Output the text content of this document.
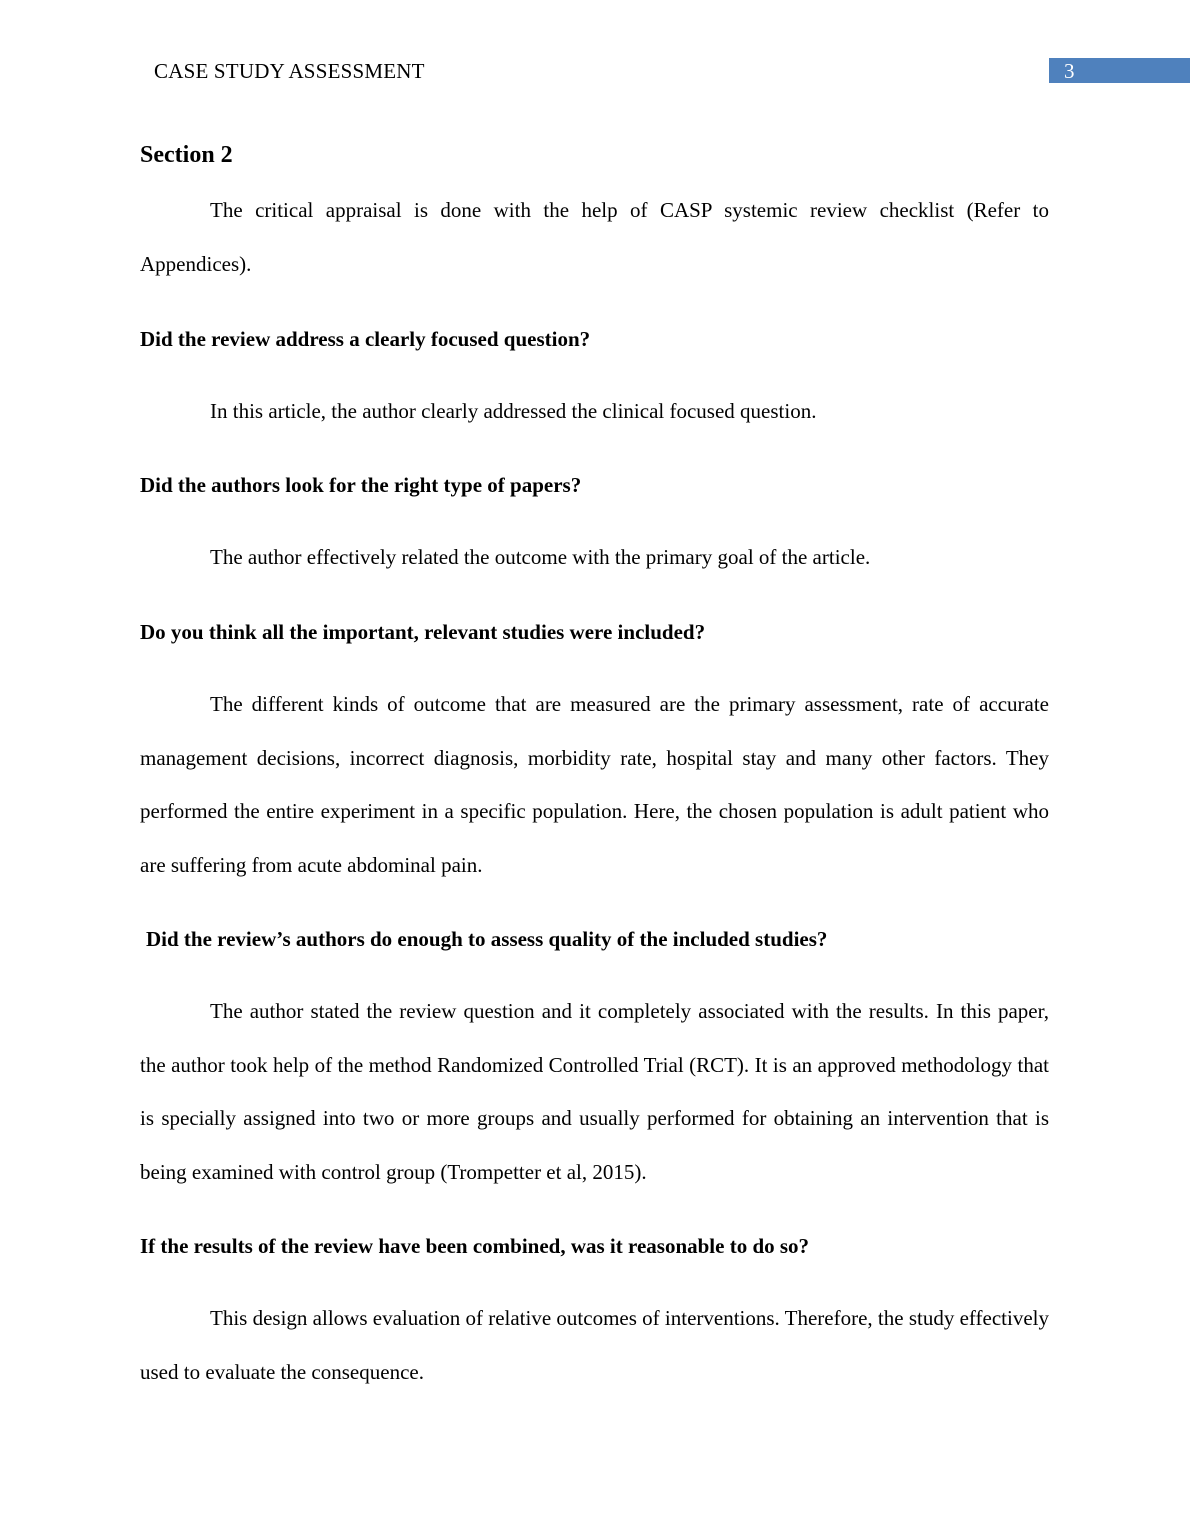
CASE STUDY ASSESSMENT	3
Section 2
The critical appraisal is done with the help of CASP systemic review checklist (Refer to Appendices).
Did the review address a clearly focused question?
In this article, the author clearly addressed the clinical focused question.
Did the authors look for the right type of papers?
The author effectively related the outcome with the primary goal of the article.
Do you think all the important, relevant studies were included?
The different kinds of outcome that are measured are the primary assessment, rate of accurate management decisions, incorrect diagnosis, morbidity rate, hospital stay and many other factors. They performed the entire experiment in a specific population. Here, the chosen population is adult patient who are suffering from acute abdominal pain.
Did the review’s authors do enough to assess quality of the included studies?
The author stated the review question and it completely associated with the results. In this paper, the author took help of the method Randomized Controlled Trial (RCT). It is an approved methodology that is specially assigned into two or more groups and usually performed for obtaining an intervention that is being examined with control group (Trompetter et al, 2015).
If the results of the review have been combined, was it reasonable to do so?
This design allows evaluation of relative outcomes of interventions. Therefore, the study effectively used to evaluate the consequence.
